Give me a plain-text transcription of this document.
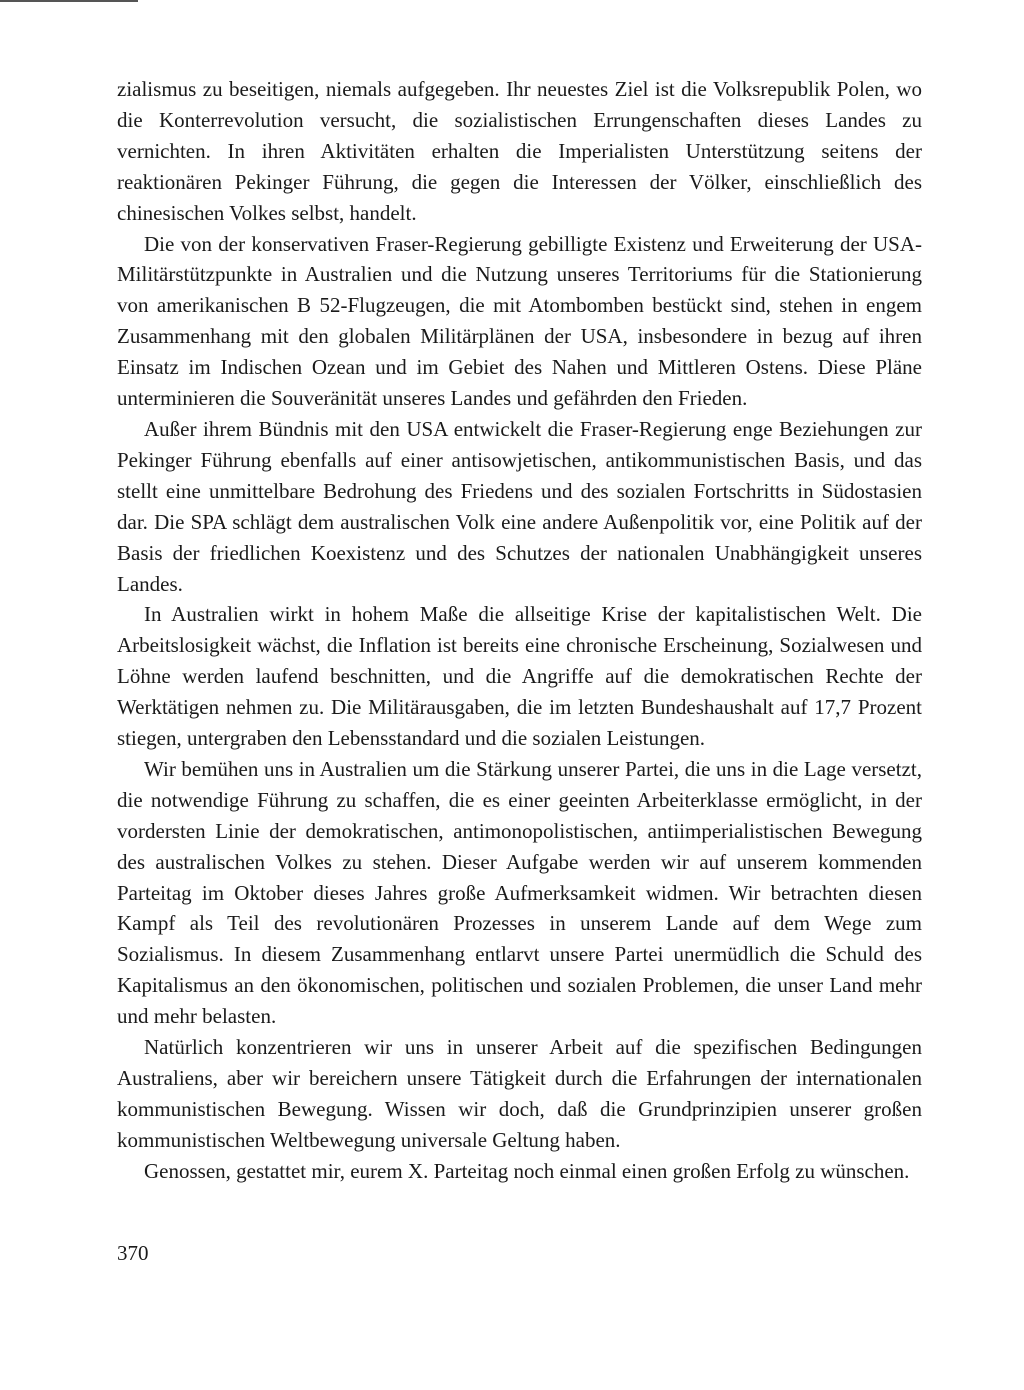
zialismus zu beseitigen, niemals aufgegeben. Ihr neuestes Ziel ist die Volksrepublik Polen, wo die Konterrevolution versucht, die sozialistischen Errungenschaften dieses Landes zu vernichten. In ihren Aktivitäten erhalten die Imperialisten Unterstützung seitens der reaktionären Pekinger Führung, die gegen die Interessen der Völker, einschließlich des chinesischen Volkes selbst, handelt.

Die von der konservativen Fraser-Regierung gebilligte Existenz und Erweiterung der USA-Militärstützpunkte in Australien und die Nutzung unseres Territoriums für die Stationierung von amerikanischen B 52-Flugzeugen, die mit Atombomben bestückt sind, stehen in engem Zusammenhang mit den globalen Militärplänen der USA, insbesondere in bezug auf ihren Einsatz im Indischen Ozean und im Gebiet des Nahen und Mittleren Ostens. Diese Pläne unterminieren die Souveränität unseres Landes und gefährden den Frieden.

Außer ihrem Bündnis mit den USA entwickelt die Fraser-Regierung enge Beziehungen zur Pekinger Führung ebenfalls auf einer antisowjetischen, antikommunistischen Basis, und das stellt eine unmittelbare Bedrohung des Friedens und des sozialen Fortschritts in Südostasien dar. Die SPA schlägt dem australischen Volk eine andere Außenpolitik vor, eine Politik auf der Basis der friedlichen Koexistenz und des Schutzes der nationalen Unabhängigkeit unseres Landes.

In Australien wirkt in hohem Maße die allseitige Krise der kapitalistischen Welt. Die Arbeitslosigkeit wächst, die Inflation ist bereits eine chronische Erscheinung, Sozialwesen und Löhne werden laufend beschnitten, und die Angriffe auf die demokratischen Rechte der Werktätigen nehmen zu. Die Militärausgaben, die im letzten Bundeshaushalt auf 17,7 Prozent stiegen, untergraben den Lebensstandard und die sozialen Leistungen.

Wir bemühen uns in Australien um die Stärkung unserer Partei, die uns in die Lage versetzt, die notwendige Führung zu schaffen, die es einer geeinten Arbeiterklasse ermöglicht, in der vordersten Linie der demokratischen, antimonopolistischen, antiimperialistischen Bewegung des australischen Volkes zu stehen. Dieser Aufgabe werden wir auf unserem kommenden Parteitag im Oktober dieses Jahres große Aufmerksamkeit widmen. Wir betrachten diesen Kampf als Teil des revolutionären Prozesses in unserem Lande auf dem Wege zum Sozialismus. In diesem Zusammenhang entlarvt unsere Partei unermüdlich die Schuld des Kapitalismus an den ökonomischen, politischen und sozialen Problemen, die unser Land mehr und mehr belasten.

Natürlich konzentrieren wir uns in unserer Arbeit auf die spezifischen Bedingungen Australiens, aber wir bereichern unsere Tätigkeit durch die Erfahrungen der internationalen kommunistischen Bewegung. Wissen wir doch, daß die Grundprinzipien unserer großen kommunistischen Weltbewegung universale Geltung haben.

Genossen, gestattet mir, eurem X. Parteitag noch einmal einen großen Erfolg zu wünschen.

370
